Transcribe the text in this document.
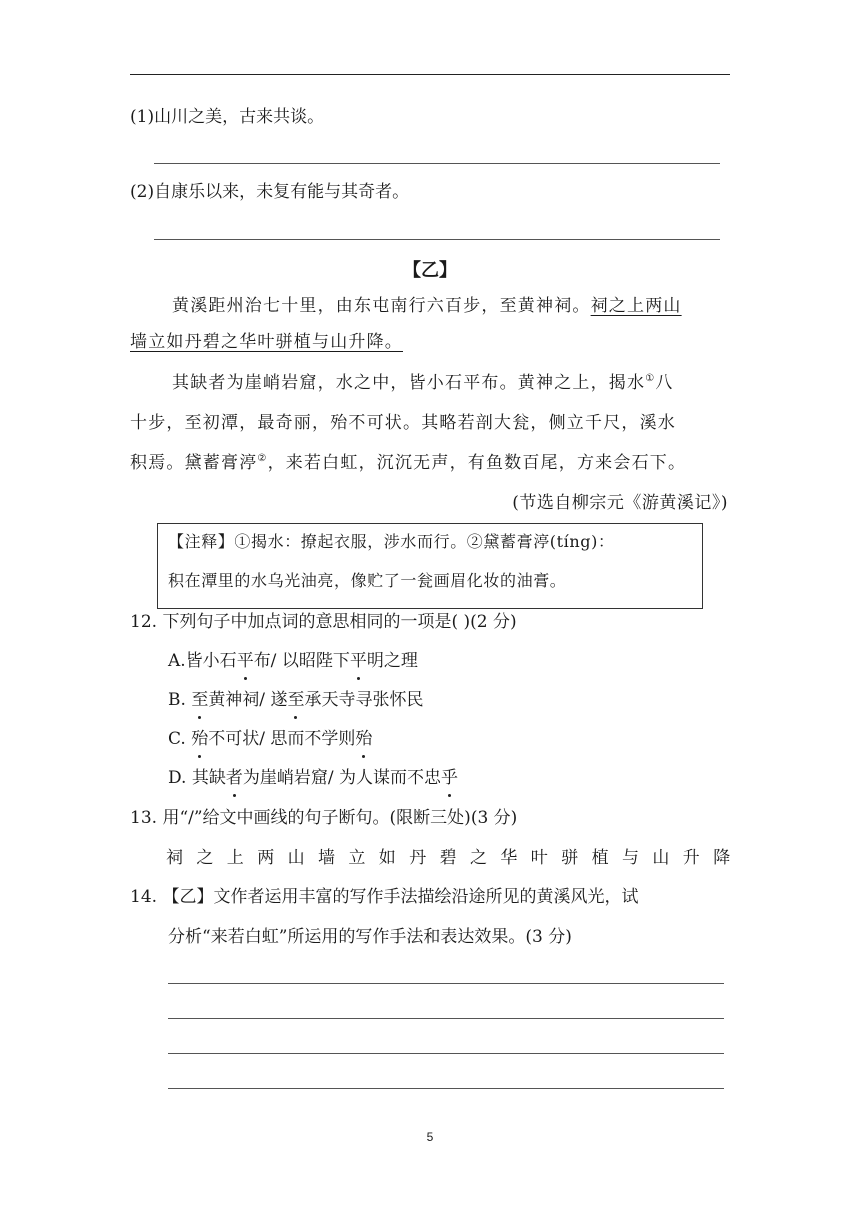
(1)山川之美，古来共谈。
(2)自康乐以来，未复有能与其奇者。
【乙】
黄溪距州治七十里，由东屯南行六百步，至黄神祠。祠之上两山
墙立如丹碧之华叶骈植与山升降。
其缺者为崖峭岩窟，水之中，皆小石平布。黄神之上，揭水①八
十步，至初潭，最奇丽，殆不可状。其略若剖大瓮，侧立千尺，溪水
积焉。黛蓄膏渟②，来若白虹，沉沉无声，有鱼数百尾，方来会石下。
(节选自柳宗元《游黄溪记》)
【注释】①揭水：撩起衣服，涉水而行。②黛蓄膏渟(tíng)：
积在潭里的水乌光油亮，像贮了一瓮画眉化妆的油膏。
12. 下列句子中加点词的意思相同的一项是( )(2 分)
A.皆小石平布/ 以昭陛下平明之理
B. 至黄神祠/ 遂至承天寺寻张怀民
C. 殆不可状/ 思而不学则殆
D. 其缺者为崖峭岩窟/ 为人谋而不忠乎
13. 用“/”给文中画线的句子断句。(限断三处)(3 分)
祠之上两山墙立如丹碧之华叶骈植与山升降
14. 【乙】文作者运用丰富的写作手法描绘沿途所见的黄溪风光，试
分析“来若白虹”所运用的写作手法和表达效果。(3 分)
5
